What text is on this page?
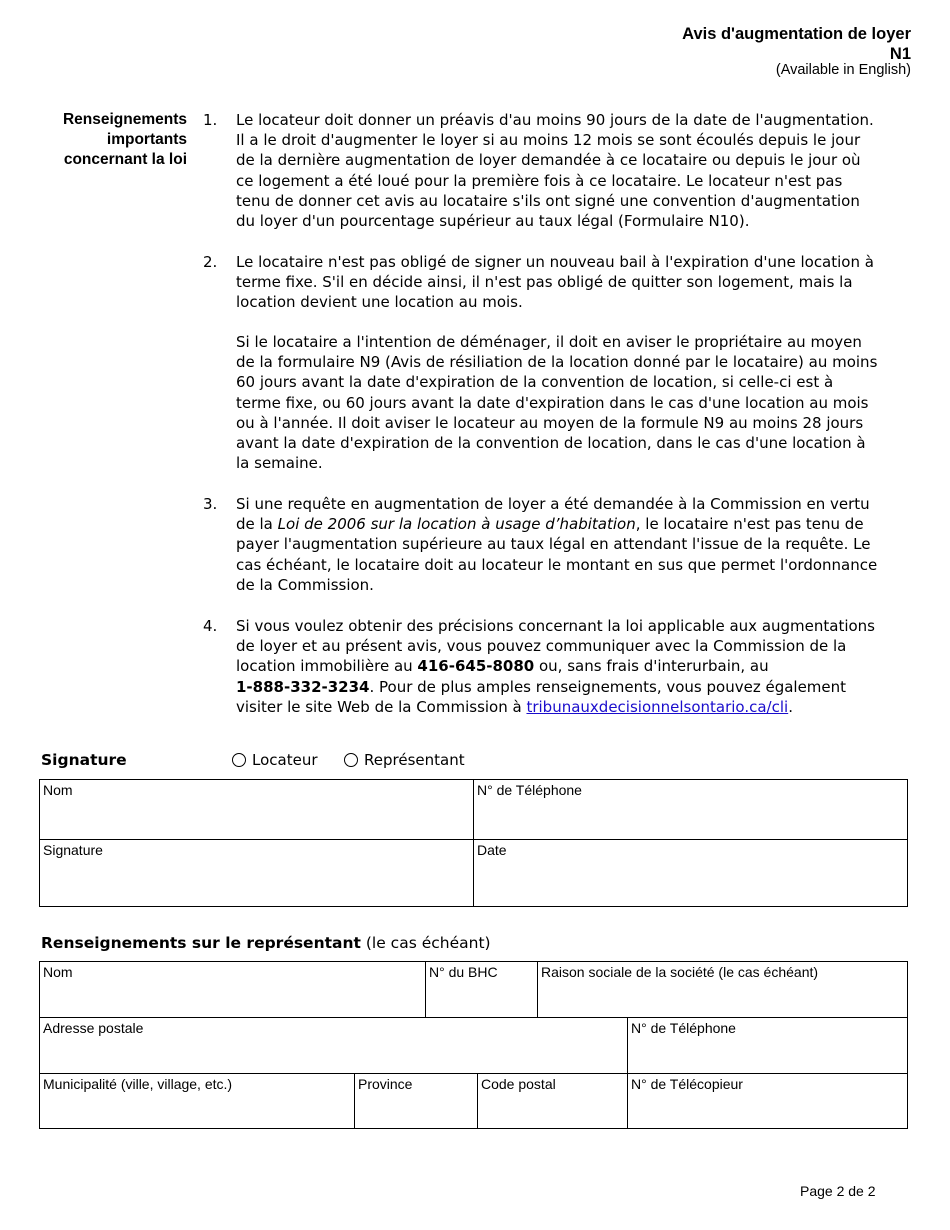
Avis d'augmentation de loyer
N1
(Available in English)
Renseignements
importants
concernant la loi
1. Le locateur doit donner un préavis d'au moins 90 jours de la date de l'augmentation.
Il a le droit d'augmenter le loyer si au moins 12 mois se sont écoulés depuis le jour
de la dernière augmentation de loyer demandée à ce locataire ou depuis le jour où
ce logement a été loué pour la première fois à ce locataire. Le locateur n'est pas
tenu de donner cet avis au locataire s'ils ont signé une convention d'augmentation
du loyer d'un pourcentage supérieur au taux légal (Formulaire N10).
2. Le locataire n'est pas obligé de signer un nouveau bail à l'expiration d'une location à
terme fixe. S'il en décide ainsi, il n'est pas obligé de quitter son logement, mais la
location devient une location au mois.
Si le locataire a l'intention de déménager, il doit en aviser le propriétaire au moyen
de la formulaire N9 (Avis de résiliation de la location donné par le locataire) au moins
60 jours avant la date d'expiration de la convention de location, si celle-ci est à
terme fixe, ou 60 jours avant la date d'expiration dans le cas d'une location au mois
ou à l'année. Il doit aviser le locateur au moyen de la formule N9 au moins 28 jours
avant la date d'expiration de la convention de location, dans le cas d'une location à
la semaine.
3. Si une requête en augmentation de loyer a été demandée à la Commission en vertu
de la Loi de 2006 sur la location à usage d’habitation, le locataire n'est pas tenu de
payer l'augmentation supérieure au taux légal en attendant l'issue de la requête. Le
cas échéant, le locataire doit au locateur le montant en sus que permet l'ordonnance
de la Commission.
4. Si vous voulez obtenir des précisions concernant la loi applicable aux augmentations
de loyer et au présent avis, vous pouvez communiquer avec la Commission de la
location immobilière au 416-645-8080 ou, sans frais d'interurbain, au
1-888-332-3234. Pour de plus amples renseignements, vous pouvez également
visiter le site Web de la Commission à tribunauxdecisionnelsontario.ca/cli.
Signature	Locateur	Représentant
Nom	N° de Téléphone
Signature	Date
Renseignements sur le représentant (le cas échéant)
Nom	N° du BHC	Raison sociale de la société (le cas échéant)
Adresse postale	N° de Téléphone
Municipalité (ville, village, etc.)	Province	Code postal	N° de Télécopieur
Page 2 de 2
